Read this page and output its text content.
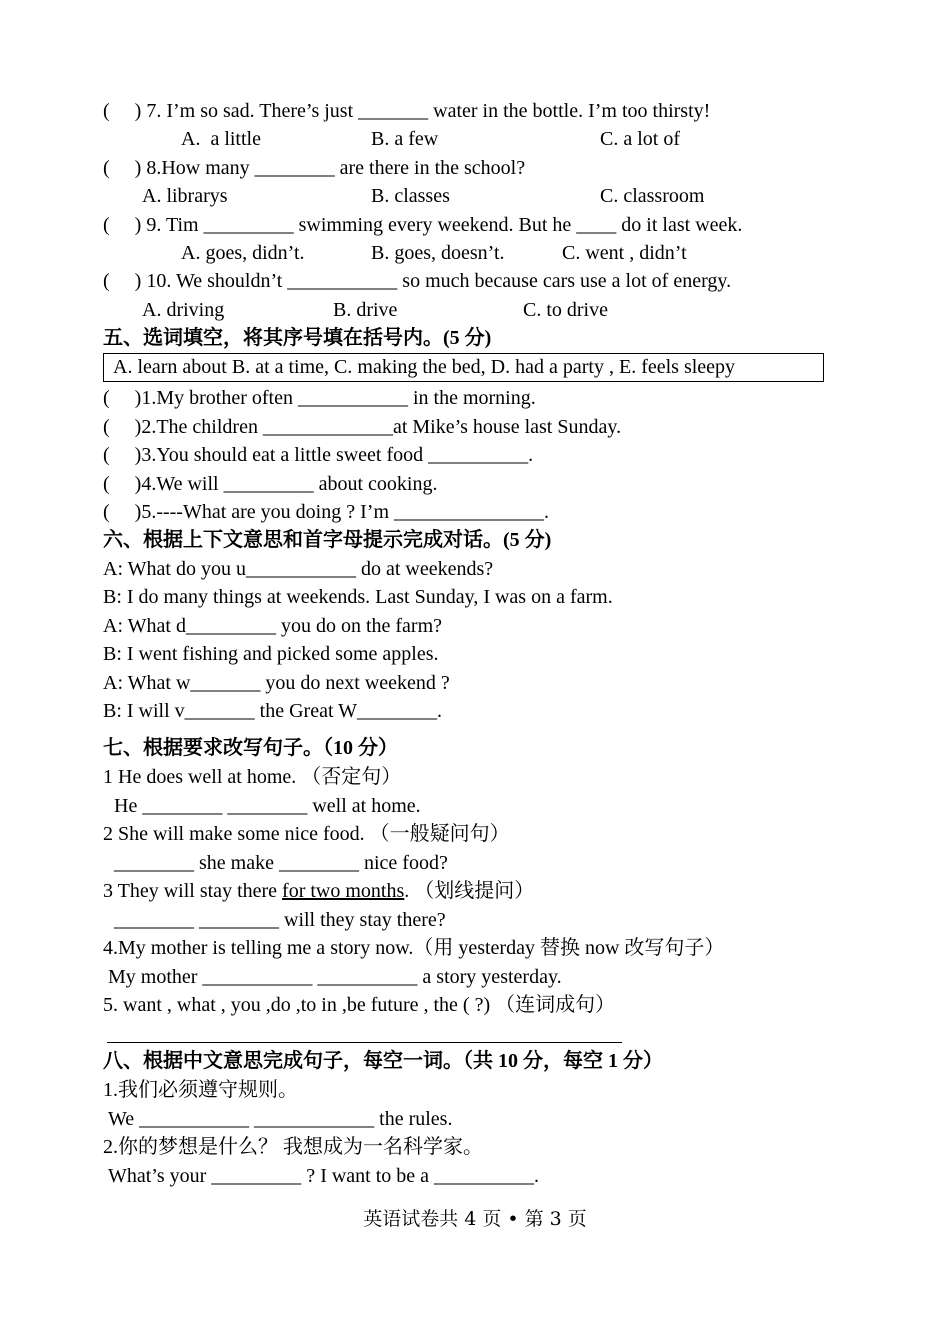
(     ) 7. I’m so sad. There’s just _______ water in the bottle. I’m too thirsty!
A.  a little	B. a few	C. a lot of
(     ) 8.How many ________ are there in the school?
A. librarys	B. classes	C. classroom
(     ) 9. Tim _________ swimming every weekend. But he ____ do it last week.
A. goes, didn’t.	B. goes, doesn’t.	C. went , didn’t
(     ) 10. We shouldn’t ___________ so much because cars use a lot of energy.
A. driving	B. drive	C. to drive
五、选词填空，将其序号填在括号内。(5 分)
A. learn about B. at a time, C. making the bed, D. had a party , E. feels sleepy
(     )1.My brother often ___________ in the morning.
(     )2.The children _____________at Mike’s house last Sunday.
(     )3.You should eat a little sweet food __________.
(     )4.We will _________ about cooking.
(     )5.----What are you doing ? I’m _______________.
六、根据上下文意思和首字母提示完成对话。(5 分)
A: What do you u___________ do at weekends?
B: I do many things at weekends. Last Sunday, I was on a farm.
A: What d_________ you do on the farm?
B: I went fishing and picked some apples.
A: What w_______ you do next weekend ?
B: I will v_______ the Great W________.
七、根据要求改写句子。（10 分）
1 He does well at home. （否定句）
He ________ ________ well at home.
2 She will make some nice food. （一般疑问句）
________ she make ________ nice food?
3 They will stay there for two months. （划线提问）
________ ________ will they stay there?
4.My mother is telling me a story now.（用 yesterday 替换 now 改写句子）
My mother ___________ __________ a story yesterday.
5. want , what , you ,do ,to in ,be future , the ( ?) （连词成句）
八、根据中文意思完成句子，每空一词。（共 10 分，每空 1 分）
1.我们必须遵守规则。
We ___________ ____________ the rules.
2.你的梦想是什么？ 我想成为一名科学家。
What’s your _________ ? I want to be a __________.
英语试卷共 4 页 • 第 3 页
